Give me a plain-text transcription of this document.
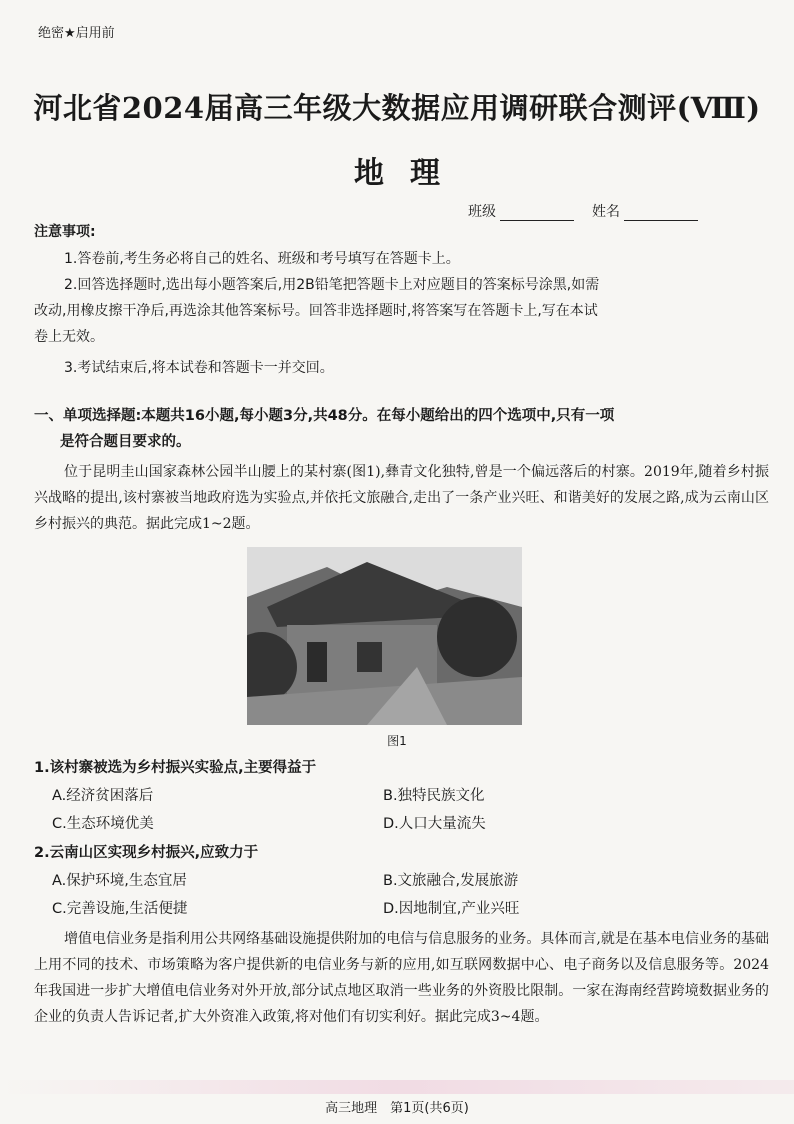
绝密★启用前
河北省2024届高三年级大数据应用调研联合测评(Ⅷ)
地理
班级	姓名
注意事项:
1.答卷前,考生务必将自己的姓名、班级和考号填写在答题卡上。
2.回答选择题时,选出每小题答案后,用2B铅笔把答题卡上对应题目的答案标号涂黑,如需
改动,用橡皮擦干净后,再选涂其他答案标号。回答非选择题时,将答案写在答题卡上,写在本试
卷上无效。
3.考试结束后,将本试卷和答题卡一并交回。
一、单项选择题:本题共16小题,每小题3分,共48分。在每小题给出的四个选项中,只有一项
是符合题目要求的。
位于昆明圭山国家森林公园半山腰上的某村寨(图1),彝青文化独特,曾是一个偏远落后的村寨。2019年,随着乡村振兴战略的提出,该村寨被当地政府选为实验点,并依托文旅融合,走出了一条产业兴旺、和谐美好的发展之路,成为云南山区乡村振兴的典范。据此完成1~2题。
图1
1.该村寨被选为乡村振兴实验点,主要得益于
A.经济贫困落后	B.独特民族文化
C.生态环境优美	D.人口大量流失
2.云南山区实现乡村振兴,应致力于
A.保护环境,生态宜居	B.文旅融合,发展旅游
C.完善设施,生活便捷	D.因地制宜,产业兴旺
增值电信业务是指利用公共网络基础设施提供附加的电信与信息服务的业务。具体而言,就是在基本电信业务的基础上用不同的技术、市场策略为客户提供新的电信业务与新的应用,如互联网数据中心、电子商务以及信息服务等。2024年我国进一步扩大增值电信业务对外开放,部分试点地区取消一些业务的外资股比限制。一家在海南经营跨境数据业务的企业的负责人告诉记者,扩大外资准入政策,将对他们有切实利好。据此完成3~4题。
高三地理　第1页(共6页)
